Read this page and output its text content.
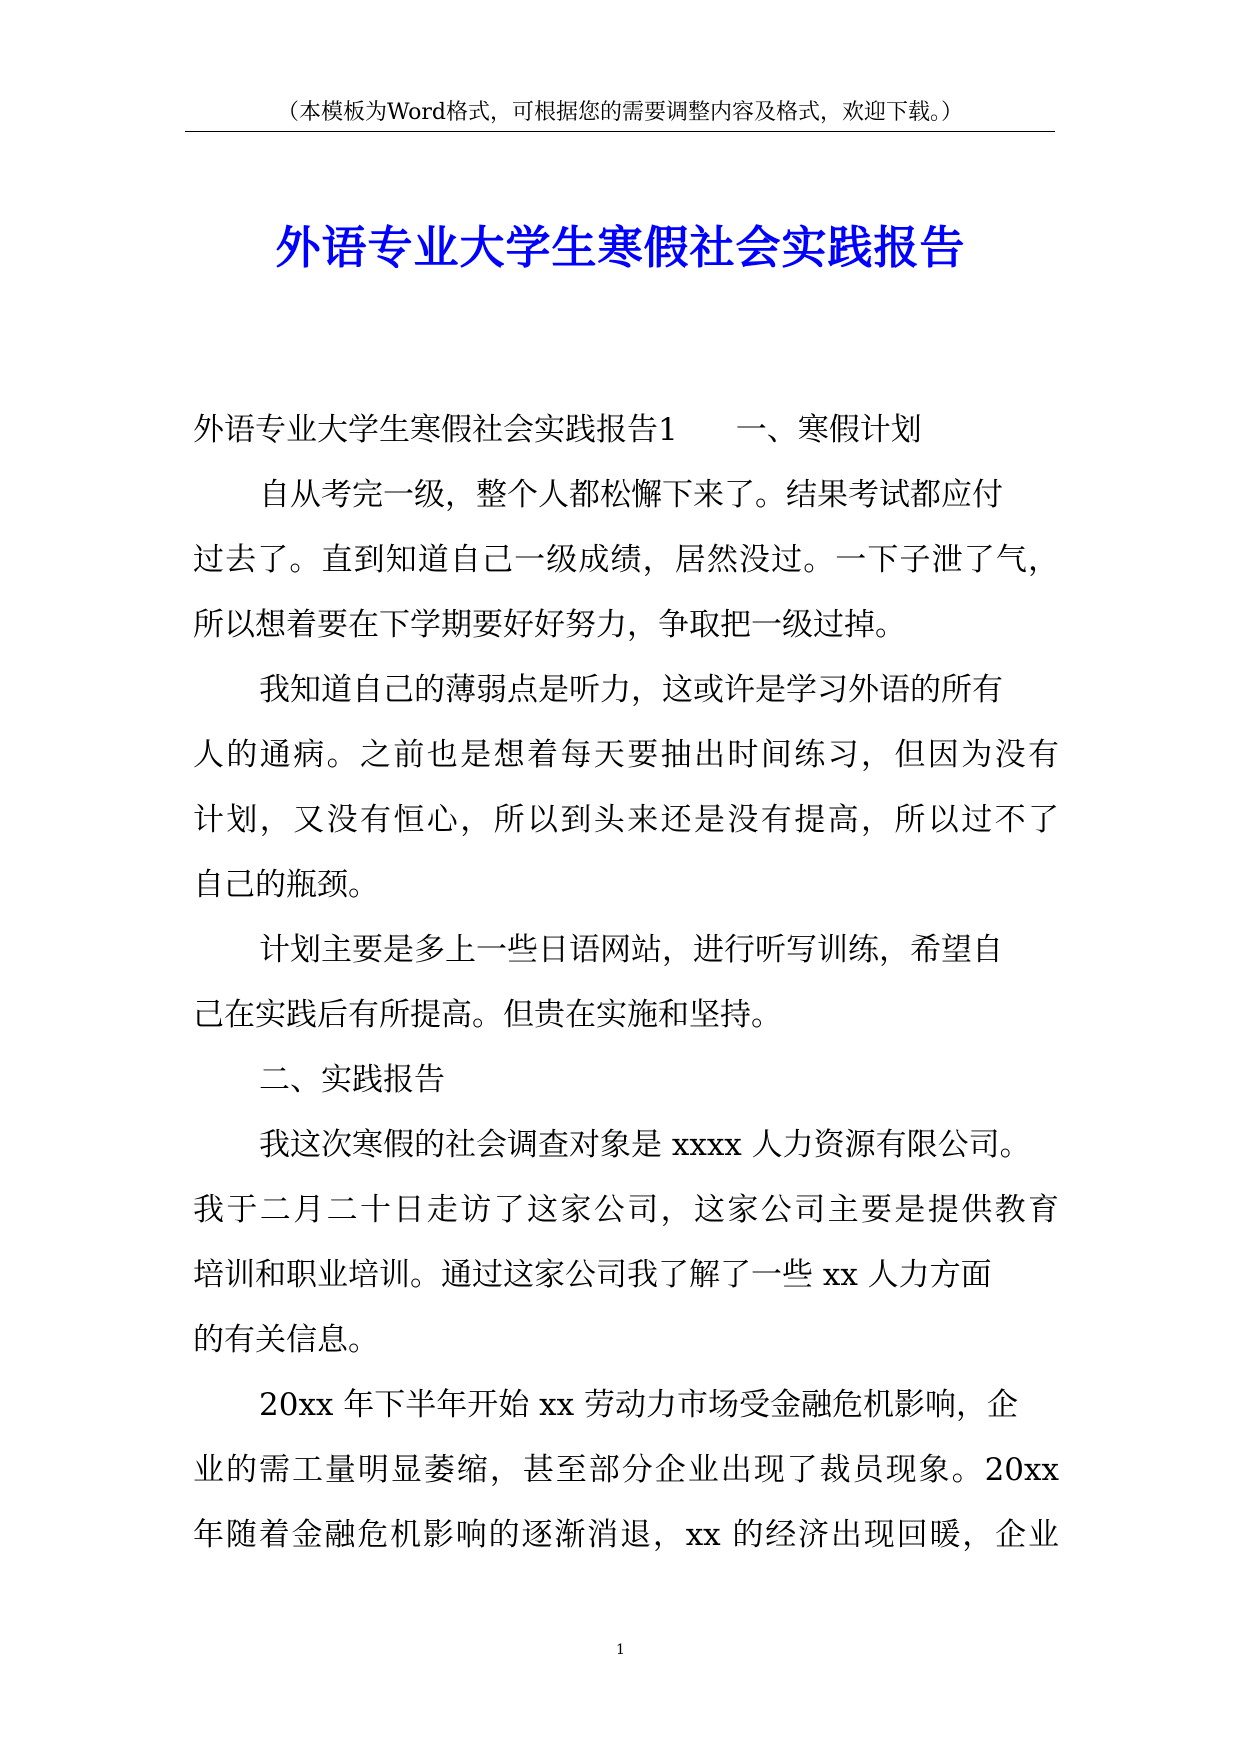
（本模板为Word格式，可根据您的需要调整内容及格式，欢迎下载。）
外语专业大学生寒假社会实践报告
外语专业大学生寒假社会实践报告1 一、寒假计划
自从考完一级，整个人都松懈下来了。结果考试都应付
过去了。直到知道自己一级成绩，居然没过。一下子泄了气，
所以想着要在下学期要好好努力，争取把一级过掉。
我知道自己的薄弱点是听力，这或许是学习外语的所有
人的通病。之前也是想着每天要抽出时间练习，但因为没有
计划，又没有恒心，所以到头来还是没有提高，所以过不了
自己的瓶颈。
计划主要是多上一些日语网站，进行听写训练，希望自
己在实践后有所提高。但贵在实施和坚持。
二、实践报告
我这次寒假的社会调查对象是 xxxx 人力资源有限公司。
我于二月二十日走访了这家公司，这家公司主要是提供教育
培训和职业培训。通过这家公司我了解了一些 xx 人力方面
的有关信息。
20xx 年下半年开始 xx 劳动力市场受金融危机影响，企
业的需工量明显萎缩，甚至部分企业出现了裁员现象。20xx
年随着金融危机影响的逐渐消退，xx 的经济出现回暖，企业
1
